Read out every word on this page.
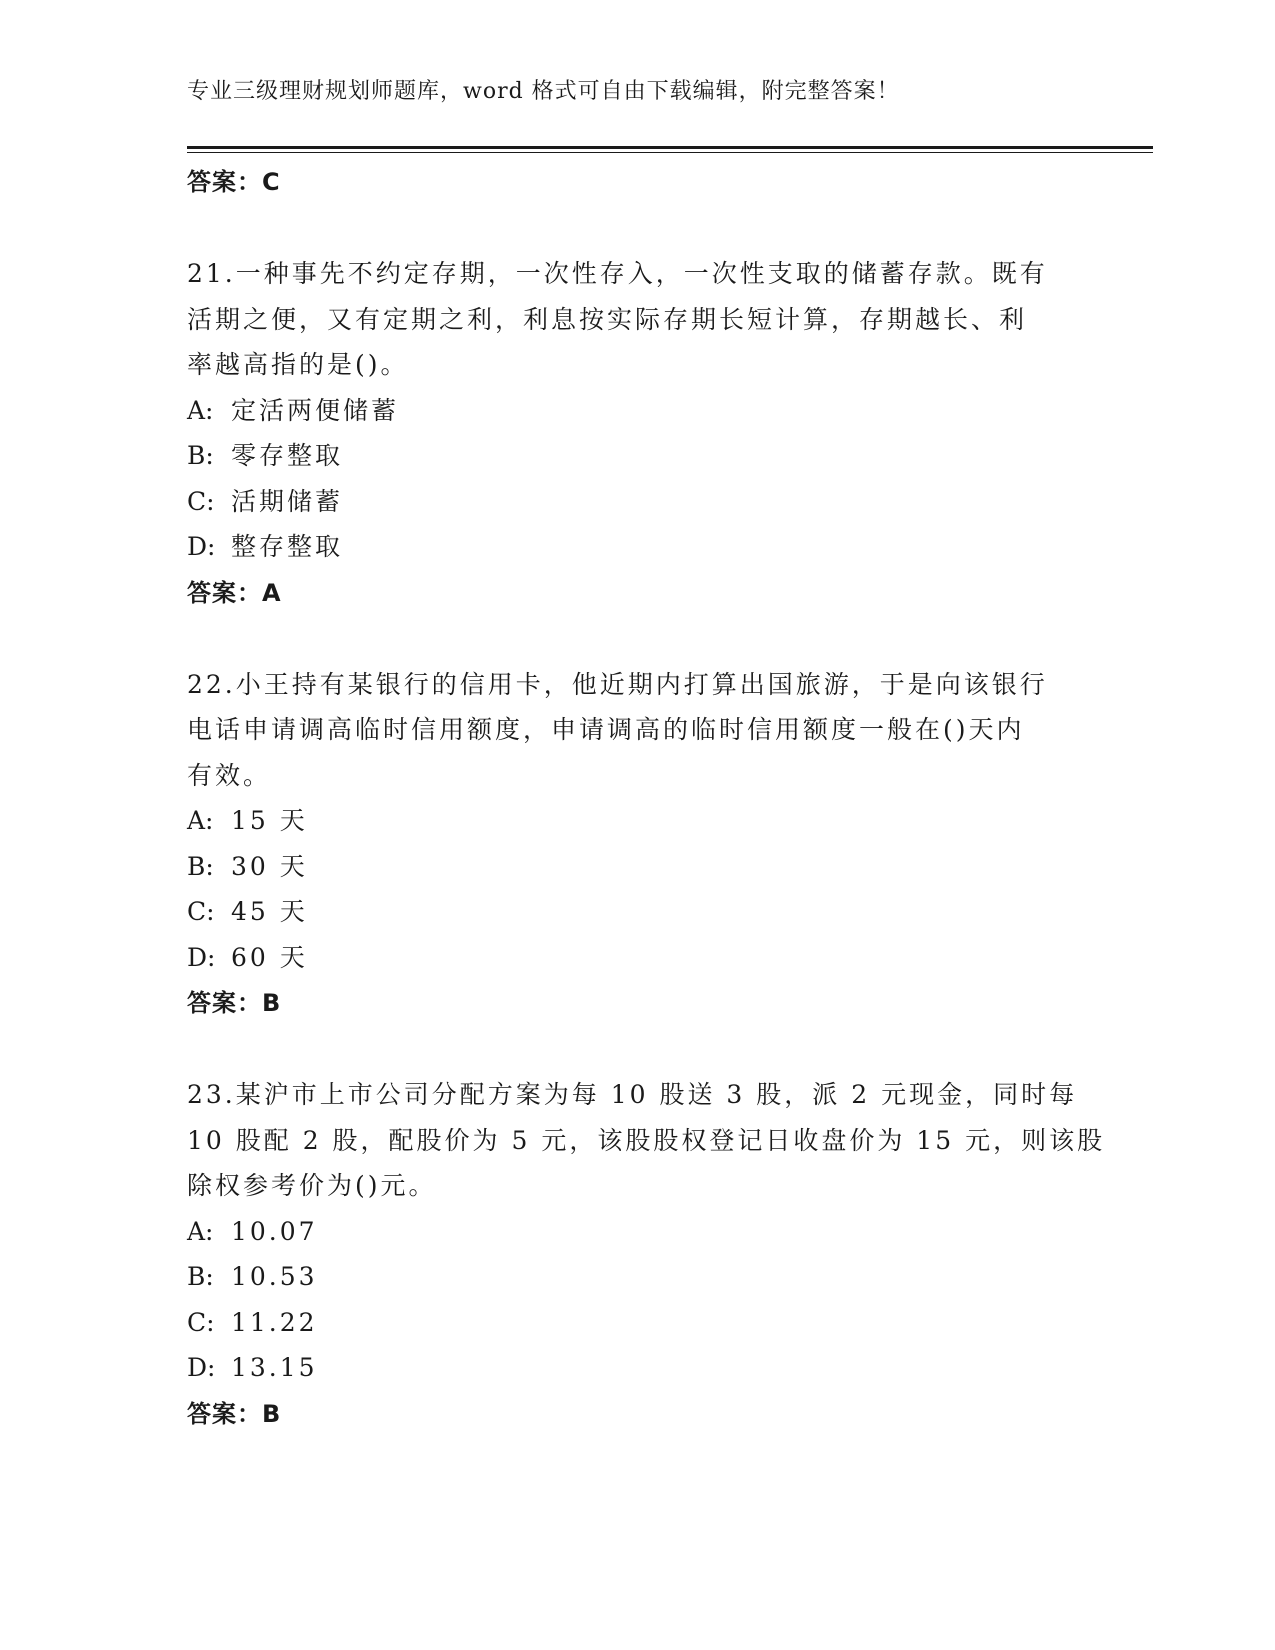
专业三级理财规划师题库，word 格式可自由下载编辑，附完整答案！
答案：C
21.一种事先不约定存期，一次性存入，一次性支取的储蓄存款。既有
活期之便，又有定期之利，利息按实际存期长短计算，存期越长、利
率越高指的是()。
A: 定活两便储蓄
B: 零存整取
C: 活期储蓄
D: 整存整取
答案：A
22.小王持有某银行的信用卡，他近期内打算出国旅游，于是向该银行
电话申请调高临时信用额度，申请调高的临时信用额度一般在()天内
有效。
A: 15 天
B: 30 天
C: 45 天
D: 60 天
答案：B
23.某沪市上市公司分配方案为每 10 股送 3 股，派 2 元现金，同时每
10 股配 2 股，配股价为 5 元，该股股权登记日收盘价为 15 元，则该股
除权参考价为()元。
A: 10.07
B: 10.53
C: 11.22
D: 13.15
答案：B
